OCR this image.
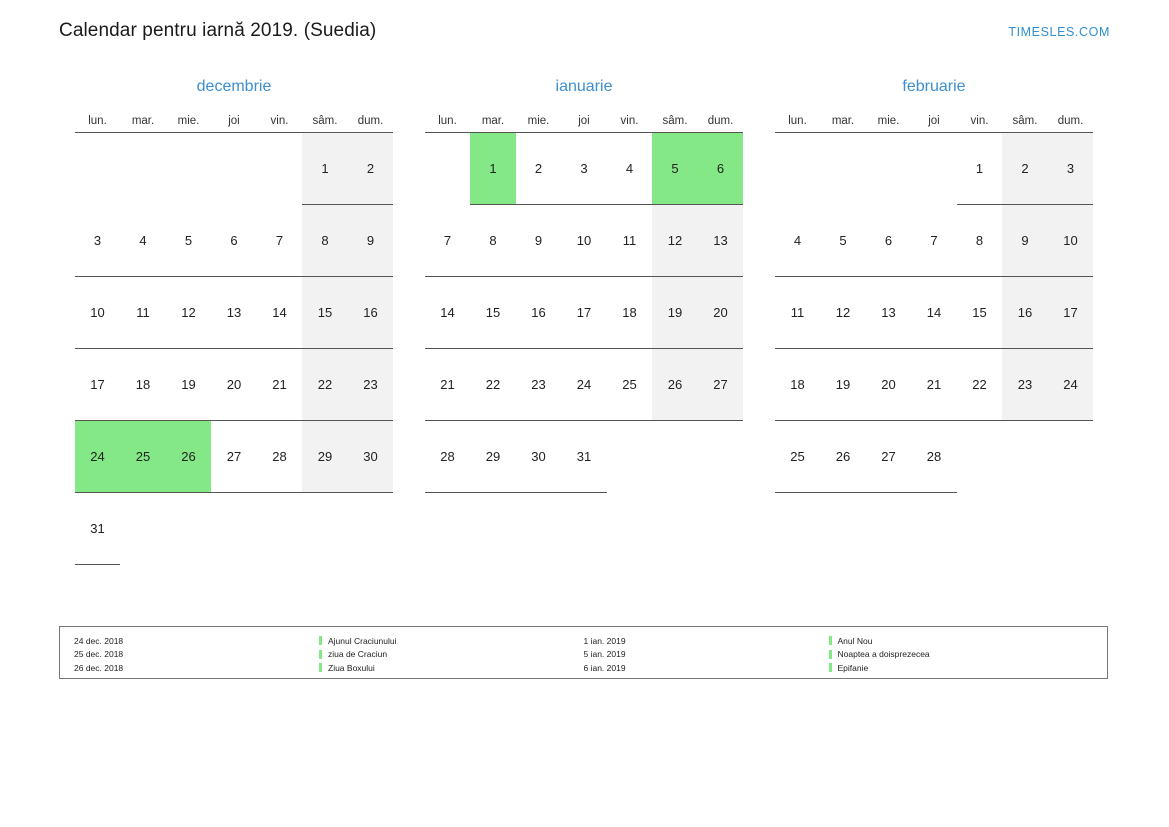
Calendar pentru iarnă 2019. (Suedia)	TIMESLES.COM
decembrie
lun.	mar.	mie.	joi	vin.	sâm.	dum.

					1	2

3	4	5	6	7	8	9

10	11	12	13	14	15	16

17	18	19	20	21	22	23

24	25	26	27	28	29	30

31						

ianuarie
lun.	mar.	mie.	joi	vin.	sâm.	dum.

	1	2	3	4	5	6

7	8	9	10	11	12	13

14	15	16	17	18	19	20

21	22	23	24	25	26	27

28	29	30	31			

februarie
lun.	mar.	mie.	joi	vin.	sâm.	dum.

				1	2	3

4	5	6	7	8	9	10

11	12	13	14	15	16	17

18	19	20	21	22	23	24

25	26	27	28			

24 dec. 2018	Ajunul Craciunului
25 dec. 2018	ziua de Craciun
26 dec. 2018	Ziua Boxului
1 ian. 2019	Anul Nou
5 ian. 2019	Noaptea a doisprezecea
6 ian. 2019	Epifanie
